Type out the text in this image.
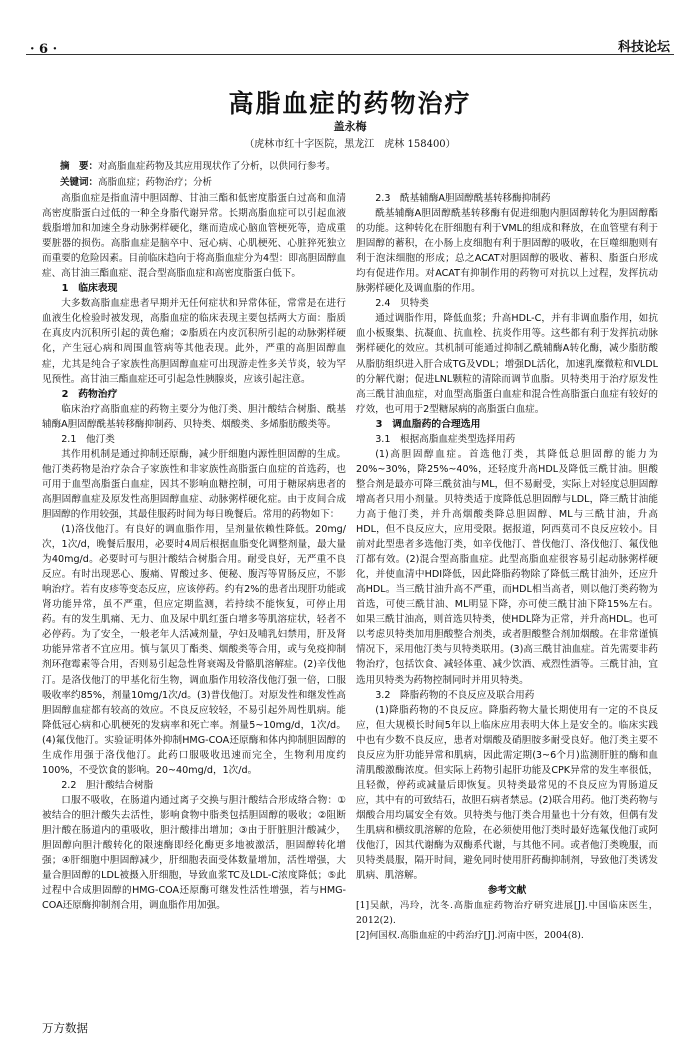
· 6 ·	科技论坛
高脂血症的药物治疗
盖永梅
（虎林市红十字医院，黑龙江　虎林 158400）
摘　要：对高脂血症药物及其应用现状作了分析，以供同行参考。
关键词：高脂血症；药物治疗；分析

高脂血症是指血清中胆固醇、甘油三酯和低密度脂蛋白过高和血清高密度脂蛋白过低的一种全身脂代谢异常。长期高脂血症可以引起血液载脂增加和加速全身动脉粥样硬化，继而造成心脑血管梗死等，造成重要脏器的损伤。高脂血症是脑卒中、冠心病、心肌梗死、心脏猝死独立而重要的危险因素。目前临床趋向于将高脂血症分为4型：即高胆固醇血症、高甘油三酯血症、混合型高脂血症和高密度脂蛋白低下。

1　临床表现

大多数高脂血症患者早期并无任何症状和异常体征，常常是在进行血液生化检验时被发现，高脂血症的临床表现主要包括两大方面：脂质在真皮内沉积所引起的黄色瘤；②脂质在内皮沉积所引起的动脉粥样硬化，产生冠心病和周围血管病等其他表现。此外，严重的高胆固醇血症，尤其是纯合子家族性高胆固醇血症可出现游走性多关节炎，较为罕见预性。高甘油三酯血症还可引起急性胰腺炎，应该引起注意。

2　药物治疗

临床治疗高脂血症的药物主要分为他汀类、胆汁酸结合树脂、酰基辅酶A胆固醇酰基转移酶抑制药、贝特类、烟酸类、多烯脂肪酸类等。

2.1　他汀类

其作用机制是通过抑制还原酶，减少肝细胞内源性胆固醇的生成。他汀类药物是治疗杂合子家族性和非家族性高脂蛋白血症的首选药，也可用于血型高脂蛋白血症，因其不影响血糖控制，可用于糖尿病患者的高胆固醇血症及原发性高胆固醇血症、动脉粥样硬化症。由于皮间合成胆固醇的作用较强，其最佳服药时间为每日晚餐后。常用的药物如下：

(1)洛伐他汀。有良好的调血脂作用，呈剂量依赖性降低。20mg/次，1次/d，晚餐后服用，必要时4周后根据血脂变化调整剂量，最大量为40mg/d。必要时可与胆汁酸结合树脂合用。耐受良好，无严重不良反应。有时出现恶心、腹痛、胃酸过多、便秘、腹泻等胃肠反应，不影响治疗。若有皮疹等变态反应，应该停药。约有2%的患者出现肝功能或肾功能异常，虽不严重，但应定期监测，若持续不能恢复，可停止用药。有的发生肌痛、无力、血及尿中肌红蛋白增多等肌溶症状，轻者不必停药。为了安全，一般老年人活减剂量，孕妇及哺乳妇禁用，肝及肾功能异常者不宜应用。慎与氯贝丁酯类、烟酸类等合用，或与免疫抑制剂环孢霉素等合用，否则易引起急性肾衰竭及骨骼肌溶解症。(2)辛伐他汀。是洛伐他汀的甲基化衍生物，调血脂作用较洛伐他汀强一倍，口服吸收率约85%，剂量10mg/1次/d。(3)普伐他汀。对原发性和继发性高胆固醇血症都有较高的效应。不良反应较轻，不易引起外周性肌病。能降低冠心病和心肌梗死的发病率和死亡率。剂量5~10mg/d，1次/d。(4)氟伐他汀。实验证明体外抑制HMG-COA还原酶和体内抑制胆固醇的生成作用强于洛伐他汀。此药口服吸收迅速而完全，生物利用度约100%，不受饮食的影响。20~40mg/d，1次/d。

2.2　胆汁酸结合树脂

口服不吸收，在肠道内通过离子交换与胆汁酸结合形成络合物：①被结合的胆汁酸失去活性，影响食物中脂类包括胆固醇的吸收；②阻断胆汁酸在肠道内的重吸收，胆汁酸排出增加；③由于肝脏胆汁酸减少，胆固醇向胆汁酸转化的限速酶即经化酶更多地被激活，胆固醇转化增强；④肝细胞中胆固醇减少，肝细胞表面受体数量增加，活性增强，大量合胆固醇的LDL被摄入肝细胞，导致血浆TC及LDL-C浓度降低；⑤此过程中合成胆固醇的HMG-COA还原酶可继发性活性增强，若与HMG-COA还原酶抑制剂合用，调血脂作用加强。

2.3　酰基辅酶A胆固醇酰基转移酶抑制药

酰基辅酶A胆固醇酰基转移酶有促进细胞内胆固醇转化为胆固醇酯的功能。这种转化在肝细胞有利于VML的组成和释放，在血管壁有利于胆固醇的蓄积，在小肠上皮细胞有利于胆固醇的吸收，在巨噬细胞则有利于泡沫细胞的形成；总之ACAT对胆固醇的吸收、蓄积、脂蛋白形成均有促进作用。对ACAT有抑制作用的药物可对抗以上过程，发挥抗动脉粥样硬化及调血脂的作用。

2.4　贝特类

通过调脂作用，降低血浆；升高HDL-C，并有非调血脂作用，如抗血小板聚集、抗凝血、抗血栓、抗炎作用等。这些都有利于发挥抗动脉粥样硬化的效应。其机制可能通过抑制乙酰辅酶A转化酶，减少脂肪酸从脂肪组织进入肝合成TG及VDL；增强DL活化，加速乳糜微粒和VLDL的分解代谢；促进LNL颗粒的清除而调节血脂。贝特类用于治疗原发性高三酰甘油血症，对血型高脂蛋白血症和混合性高脂蛋白血症有较好的疗效，也可用于2型糖尿病的高脂蛋白血症。

3　调血脂药的合理选用
3.1　根据高脂血症类型选择用药

(1)高胆固醇血症。首选他汀类，其降低总胆固醇的能力为20%~30%，降25%~40%，还轻度升高HDL及降低三酰甘油。胆酸整合剂是最亦可降三酰贫油与ML，但不易耐受，实际上对轻度总胆固醇增高者只用小剂量。贝特类适于度降低总胆固醇与LDL，降三酰甘油能力高于他汀类，并升高烟酸类降总胆固醇、ML与三酰甘油，升高HDL，但不良反应大，应用受限。据报道，阿西莫司不良反应较小。目前对此型患者多选他汀类，如辛伐他汀、普伐他汀、洛伐他汀、氟伐他汀都有效。(2)混合型高脂血症。此型高脂血症很容易引起动脉粥样硬化，并使血清中HDI降低，因此降脂药物除了降低三酰甘油外，还应升高HDL。当三酰甘油升高不严重，而HDL相当高者，则以他汀类药物为首选，可使三酰甘油、ML明显下降，亦可使三酰甘油下降15%左右。如果三酰甘油高，则首选贝特类，使HDL降为正常，并升高HDL。也可以考虑贝特类加用胆酸整合剂类，或者胆酸整合剂加烟酸。在非常谨慎情况下，采用他汀类与贝特类联用。(3)高三酰甘油血症。首先需要非药物治疗，包括饮食、减轻体重、减少饮酒、戒烈性酒等。三酰甘油，宜选用贝特类为药物控制同时并用贝特类。

3.2　降脂药物的不良反应及联合用药

(1)降脂药物的不良反应。降脂药物大量长期使用有一定的不良反应，但大规模长时间5年以上临床应用表明大体上是安全的。临床实践中也有少数不良反应，患者对烟酸及硝胆胺多耐受良好。他汀类主要不良反应为肝功能异常和肌病，因此需定期(3~6个月)监测肝脏的酶和血清肌酸激酶浓度。但实际上药物引起肝功能及CPK异常的发生率很低，且轻微，停药或减量后即恢复。贝特类最常见的不良反应为胃肠道反应，其中有的可致结石，故胆石病者禁忌。(2)联合用药。他汀类药物与烟酸合用均属安全有效。贝特类与他汀类合用量也十分有效，但偶有发生肌病和横纹肌溶解的危险，在必须使用他汀类时最好选氟伐他汀或阿伐他汀，因其代谢酶为双酶系代谢，与其他不同。或者他汀类晚服，而贝特类晨服，隔开时间，避免同时使用肝药酶抑制剂，导致他汀类诱发肌病、肌溶解。

参考文献

[1]吴献，冯玲，沈冬.高脂血症药物治疗研究进展[J].中国临床医生，2012(2).

[2]何国权.高脂血症的中药治疗[J].河南中医，2004(8).

万方数据
